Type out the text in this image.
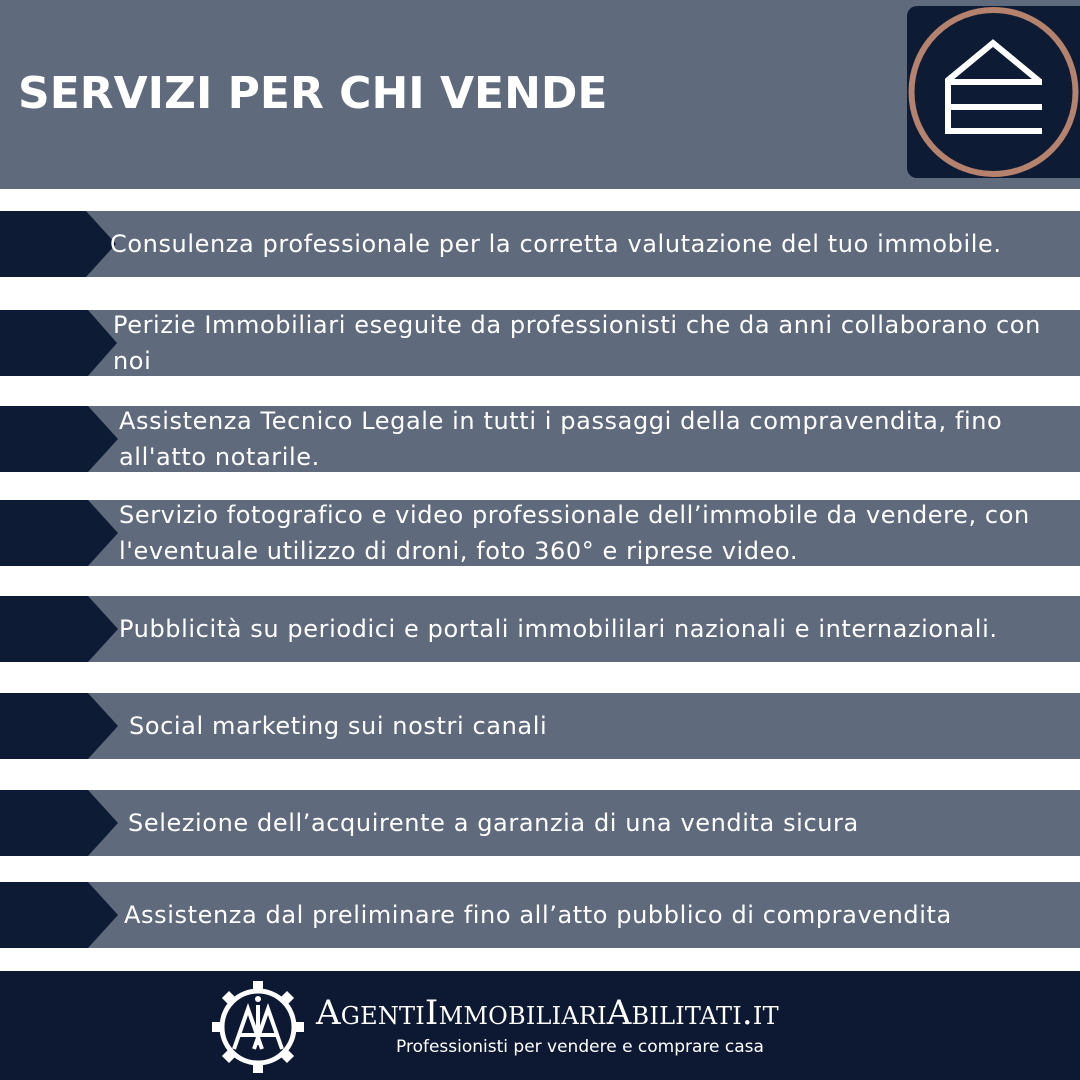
SERVIZI PER CHI VENDE
Consulenza professionale per la corretta valutazione del tuo immobile.
Perizie Immobiliari eseguite da professionisti che da anni collaborano con noi
Assistenza Tecnico Legale in tutti i passaggi della compravendita, fino all'atto notarile.
Servizio fotografico e video professionale dell’immobile da vendere, con l'eventuale utilizzo di droni, foto 360° e riprese video.
Pubblicità su periodici e portali immobililari nazionali e internazionali.
Social marketing sui nostri canali
Selezione dell’acquirente a garanzia di una vendita sicura
Assistenza dal preliminare fino all’atto pubblico di compravendita
AgentiImmobiliariAbilitati.it
Professionisti per vendere e comprare casa
